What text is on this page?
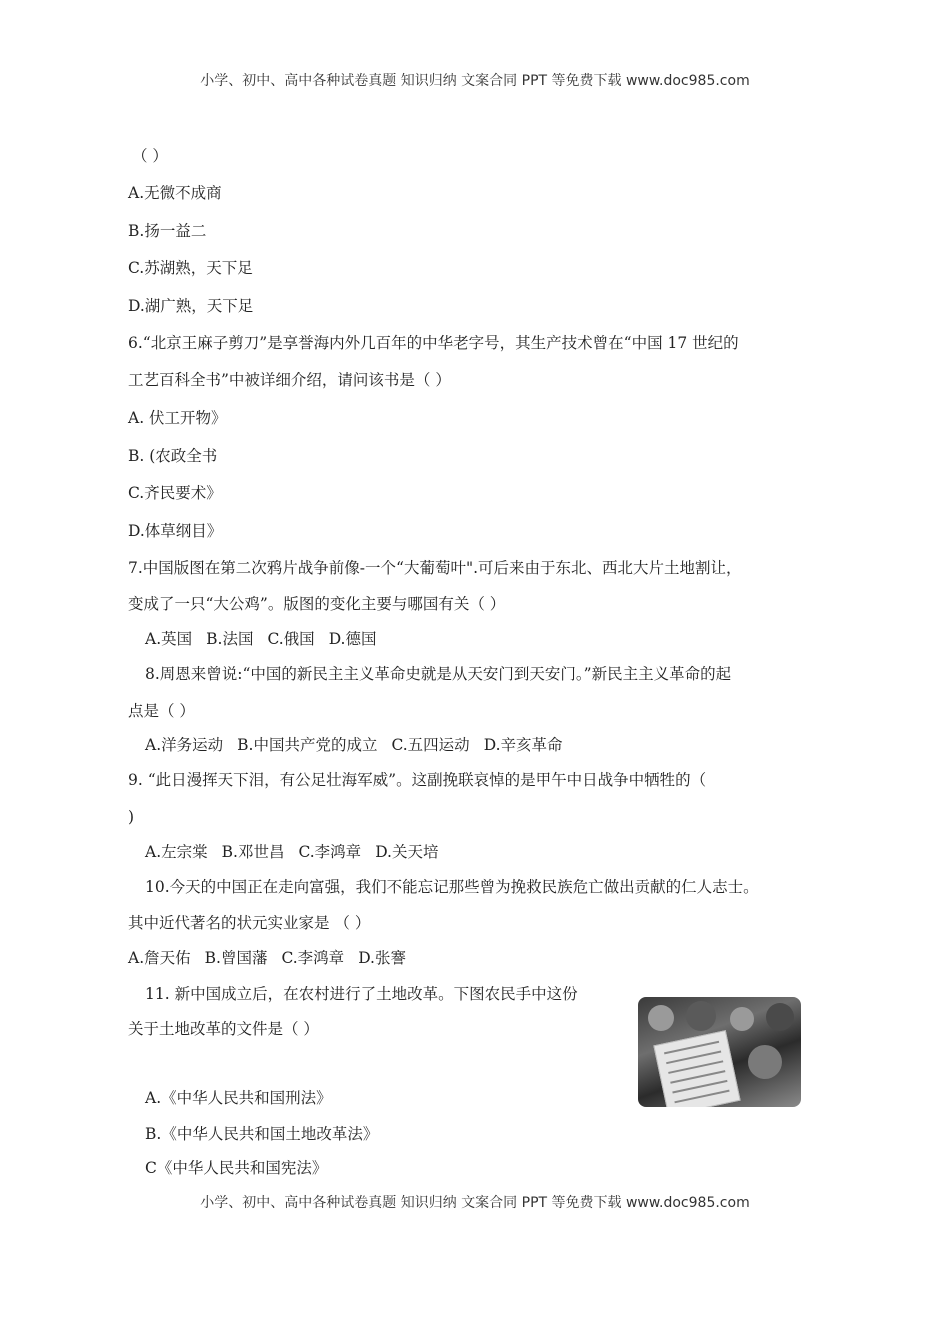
小学、初中、高中各种试卷真题 知识归纳 文案合同 PPT 等免费下载 www.doc985.com
（ ）
A.无微不成商
B.扬一益二
C.苏湖熟，天下足
D.湖广熟，天下足
6.“北京王麻子剪刀”是享誉海内外几百年的中华老字号，其生产技术曾在“中国 17 世纪的
工艺百科全书”中被详细介绍，请问该书是（ ）
A. 伏工开物》
B. (农政全书
C.齐民要术》
D.体草纲目》
7.中国版图在第二次鸦片战争前像-一个“大葡萄叶".可后来由于东北、西北大片土地割让，
变成了一只“大公鸡”。版图的变化主要与哪国有关（ ）
A.英国 B.法国 C.俄国 D.德国
8.周恩来曾说:“中国的新民主主义革命史就是从天安门到天安门。”新民主主义革命的起
点是（ ）
A.洋务运动 B.中国共产党的成立 C.五四运动 D.辛亥革命
9. “此日漫挥天下泪，有公足壮海军威”。这副挽联哀悼的是甲午中日战争中牺牲的（
)
A.左宗棠 B.邓世昌 C.李鸿章 D.关天培
10.今天的中国正在走向富强，我们不能忘记那些曾为挽救民族危亡做出贡献的仁人志士。
其中近代著名的状元实业家是 （ ）
A.詹天佑 B.曾国藩 C.李鸿章 D.张謇
11. 新中国成立后，在农村进行了土地改革。下图农民手中这份
关于土地改革的文件是（ ）
A.《中华人民共和国刑法》
B.《中华人民共和国土地改革法》
C《中华人民共和国宪法》
小学、初中、高中各种试卷真题 知识归纳 文案合同 PPT 等免费下载 www.doc985.com
